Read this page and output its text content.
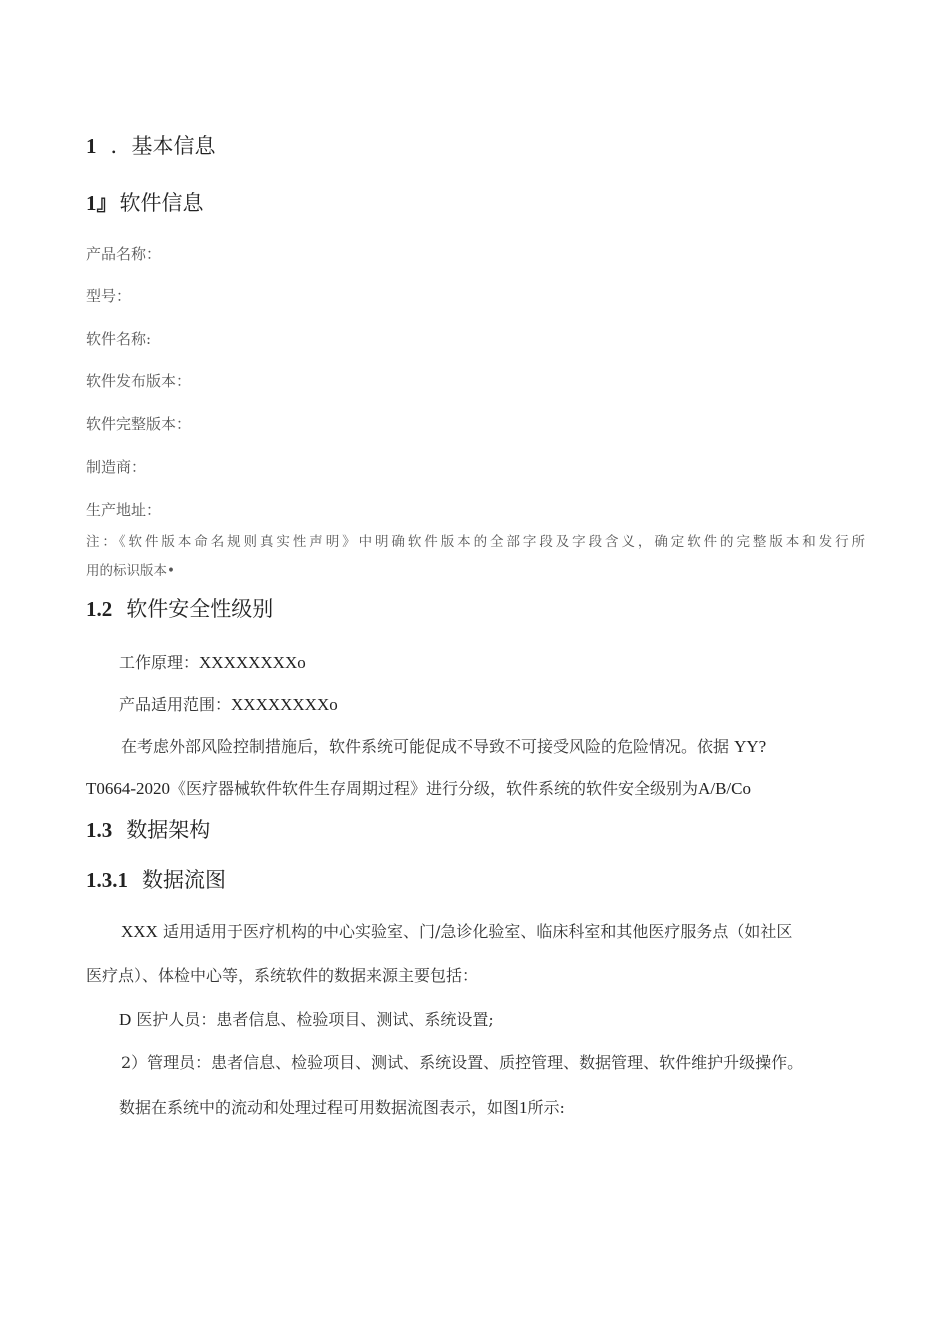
1 ．基本信息
1』软件信息
产品名称：
型号：
软件名称:
软件发布版本：
软件完整版本：
制造商：
生产地址：
注：《软件版本命名规则真实性声明》中明确软件版本的全部字段及字段含义，确定软件的完整版本和发行所
用的标识版本•
1.2 软件安全性级别
工作原理：XXXXXXXXo
产品适用范围：XXXXXXXXo
在考虑外部风险控制措施后，软件系统可能促成不导致不可接受风险的危险情况。依据 YY?
T0664-2020《医疗器械软件软件生存周期过程》进行分级，软件系统的软件安全级别为A/B/Co
1.3 数据架构
1.3.1 数据流图
XXX 适用适用于医疗机构的中心实验室、门/急诊化验室、临床科室和其他医疗服务点（如社区
医疗点）、体检中心等，系统软件的数据来源主要包括：
D 医护人员：患者信息、检验项目、测试、系统设置;
2）管理员：患者信息、检验项目、测试、系统设置、质控管理、数据管理、软件维护升级操作。
数据在系统中的流动和处理过程可用数据流图表示，如图1所示:
